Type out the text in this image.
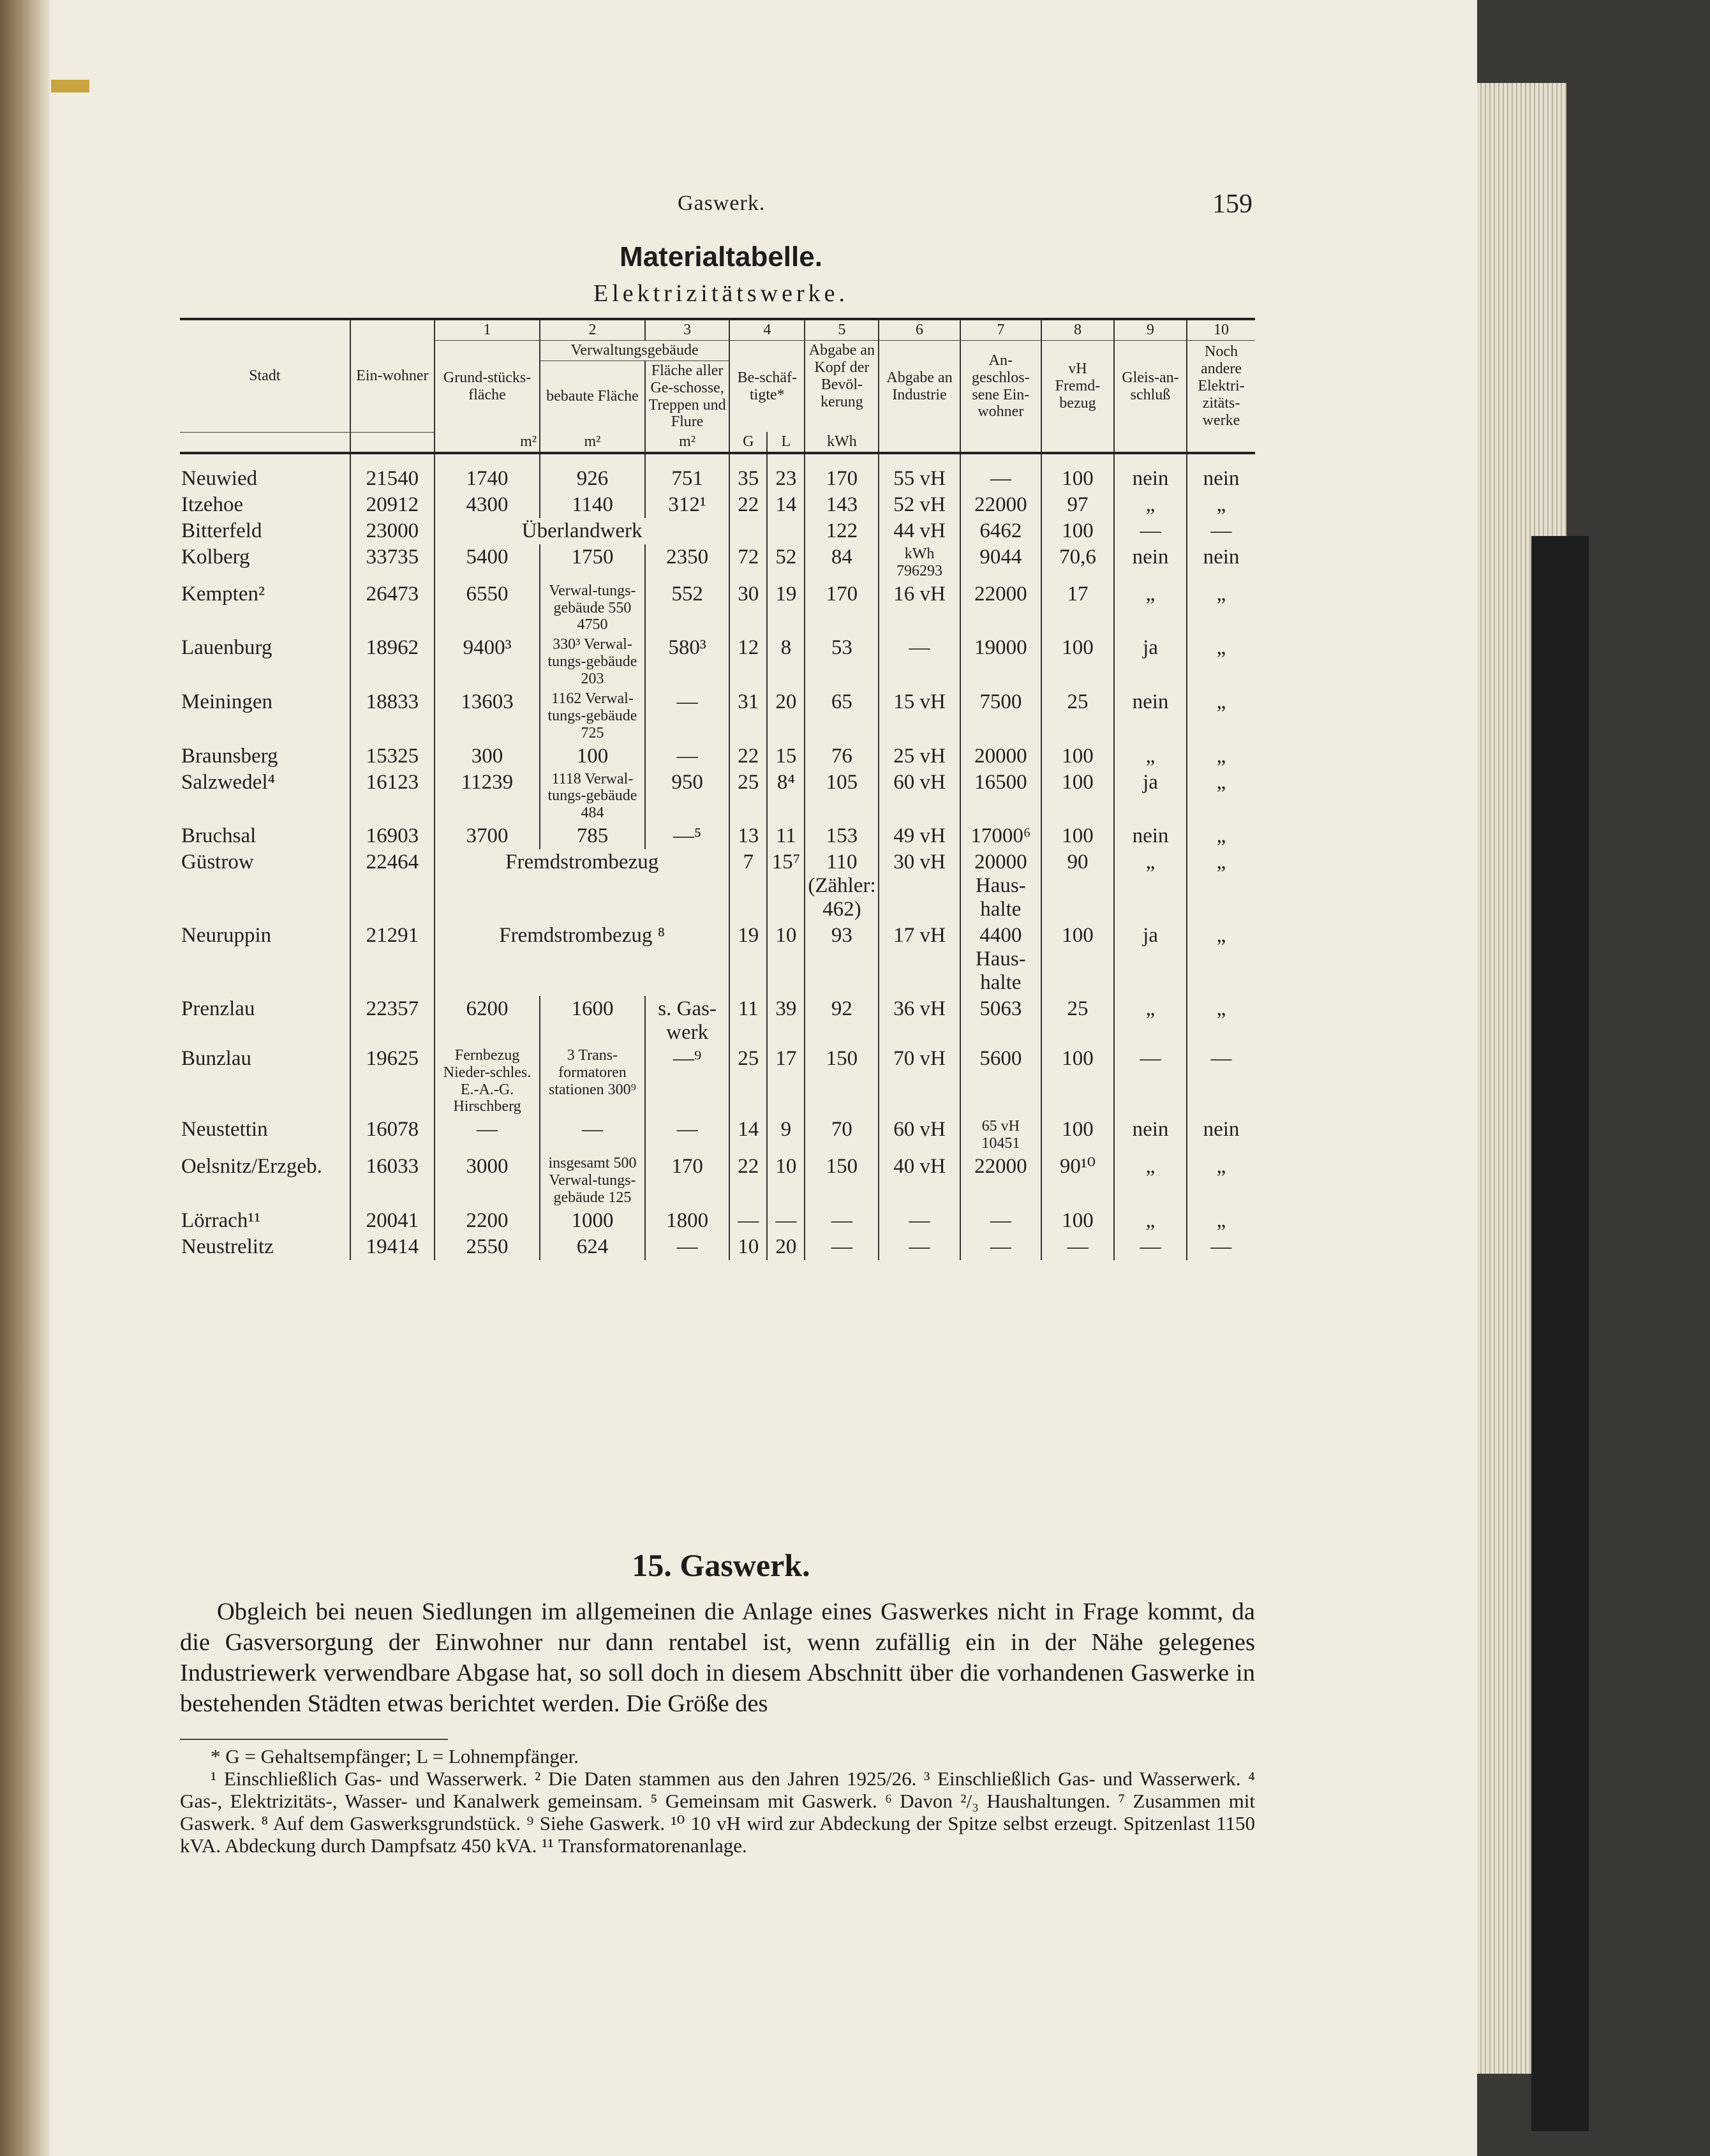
Gaswerk.	159
Materialtabelle.
Elektrizitätswerke.
Stadt	Ein-wohner	1	2	3	4		5	6	7	8	9	10
		Grund-stücks-fläche	Verwaltungsgebäude		Be-schäf-tigte*		Abgabe an Kopf der Bevöl-kerung	Abgabe an Industrie	An-geschlos-sene Ein-wohner	vH Fremd-bezug	Gleis-an-schluß	Noch andere Elektri-zitäts-werke
			bebaute Fläche	Fläche aller Ge-schosse, Treppen und Flure								
		m²	m²	m²	G	L	kWh					

Neuwied	21540	1740	926	751	35	23	170	55 vH	—	100	nein	nein
Itzehoe	20912	4300	1140	312¹	22	14	143	52 vH	22000	97	„	„
Bitterfeld	23000	Überlandwerk					122	44 vH	6462	100	—	—
Kolberg	33735	5400	1750	2350	72	52	84	kWh 796293	9044	70,6	nein	nein
Kempten²	26473	6550	Verwal-tungs-gebäude 550 4750	552	30	19	170	16 vH	22000	17	„	„
Lauenburg	18962	9400³	330³ Verwal-tungs-gebäude 203	580³	12	8	53	—	19000	100	ja	„
Meiningen	18833	13603	1162 Verwal-tungs-gebäude 725	—	31	20	65	15 vH	7500	25	nein	„
Braunsberg	15325	300	100	—	22	15	76	25 vH	20000	100	„	„
Salzwedel⁴	16123	11239	1118 Verwal-tungs-gebäude 484	950	25	8⁴	105	60 vH	16500	100	ja	„
Bruchsal	16903	3700	785	—⁵	13	11	153	49 vH	17000⁶	100	nein	„
Güstrow	22464	Fremdstrombezug			7	15⁷	110 (Zähler: 462)	30 vH	20000 Haus-halte	90	„	„
Neuruppin	21291	Fremdstrombezug ⁸			19	10	93	17 vH	4400 Haus-halte	100	ja	„
Prenzlau	22357	6200	1600	s. Gas-werk	11	39	92	36 vH	5063	25	„	„
Bunzlau	19625	Fernbezug Nieder-schles. E.-A.-G. Hirschberg	3 Trans-formatoren stationen 300⁹	—⁹	25	17	150	70 vH	5600	100	—	—
Neustettin	16078	—	—	—	14	9	70	60 vH	65 vH 10451	100	nein	nein
Oelsnitz/Erzgeb.	16033	3000	insgesamt 500 Verwal-tungs-gebäude 125	170	22	10	150	40 vH	22000	90¹⁰	„	„
Lörrach¹¹	20041	2200	1000	1800	—	—	—	—	—	100	„	„
Neustrelitz	19414	2550	624	—	10	20	—	—	—	—	—	—
15. Gaswerk.
Obgleich bei neuen Siedlungen im allgemeinen die Anlage eines Gaswerkes nicht in Frage kommt, da die Gasversorgung der Einwohner nur dann rentabel ist, wenn zufällig ein in der Nähe gelegenes Industriewerk verwendbare Abgase hat, so soll doch in diesem Abschnitt über die vorhandenen Gaswerke in bestehenden Städten etwas berichtet werden. Die Größe des
* G = Gehaltsempfänger; L = Lohnempfänger.
¹ Einschließlich Gas- und Wasserwerk. ² Die Daten stammen aus den Jahren 1925/26. ³ Einschließlich Gas- und Wasserwerk. ⁴ Gas-, Elektrizitäts-, Wasser- und Kanalwerk gemeinsam. ⁵ Gemeinsam mit Gaswerk. ⁶ Davon ²/₃ Haushaltungen. ⁷ Zusammen mit Gaswerk. ⁸ Auf dem Gaswerksgrundstück. ⁹ Siehe Gaswerk. ¹⁰ 10 vH wird zur Abdeckung der Spitze selbst erzeugt. Spitzenlast 1150 kVA. Abdeckung durch Dampfsatz 450 kVA. ¹¹ Transformatorenanlage.
